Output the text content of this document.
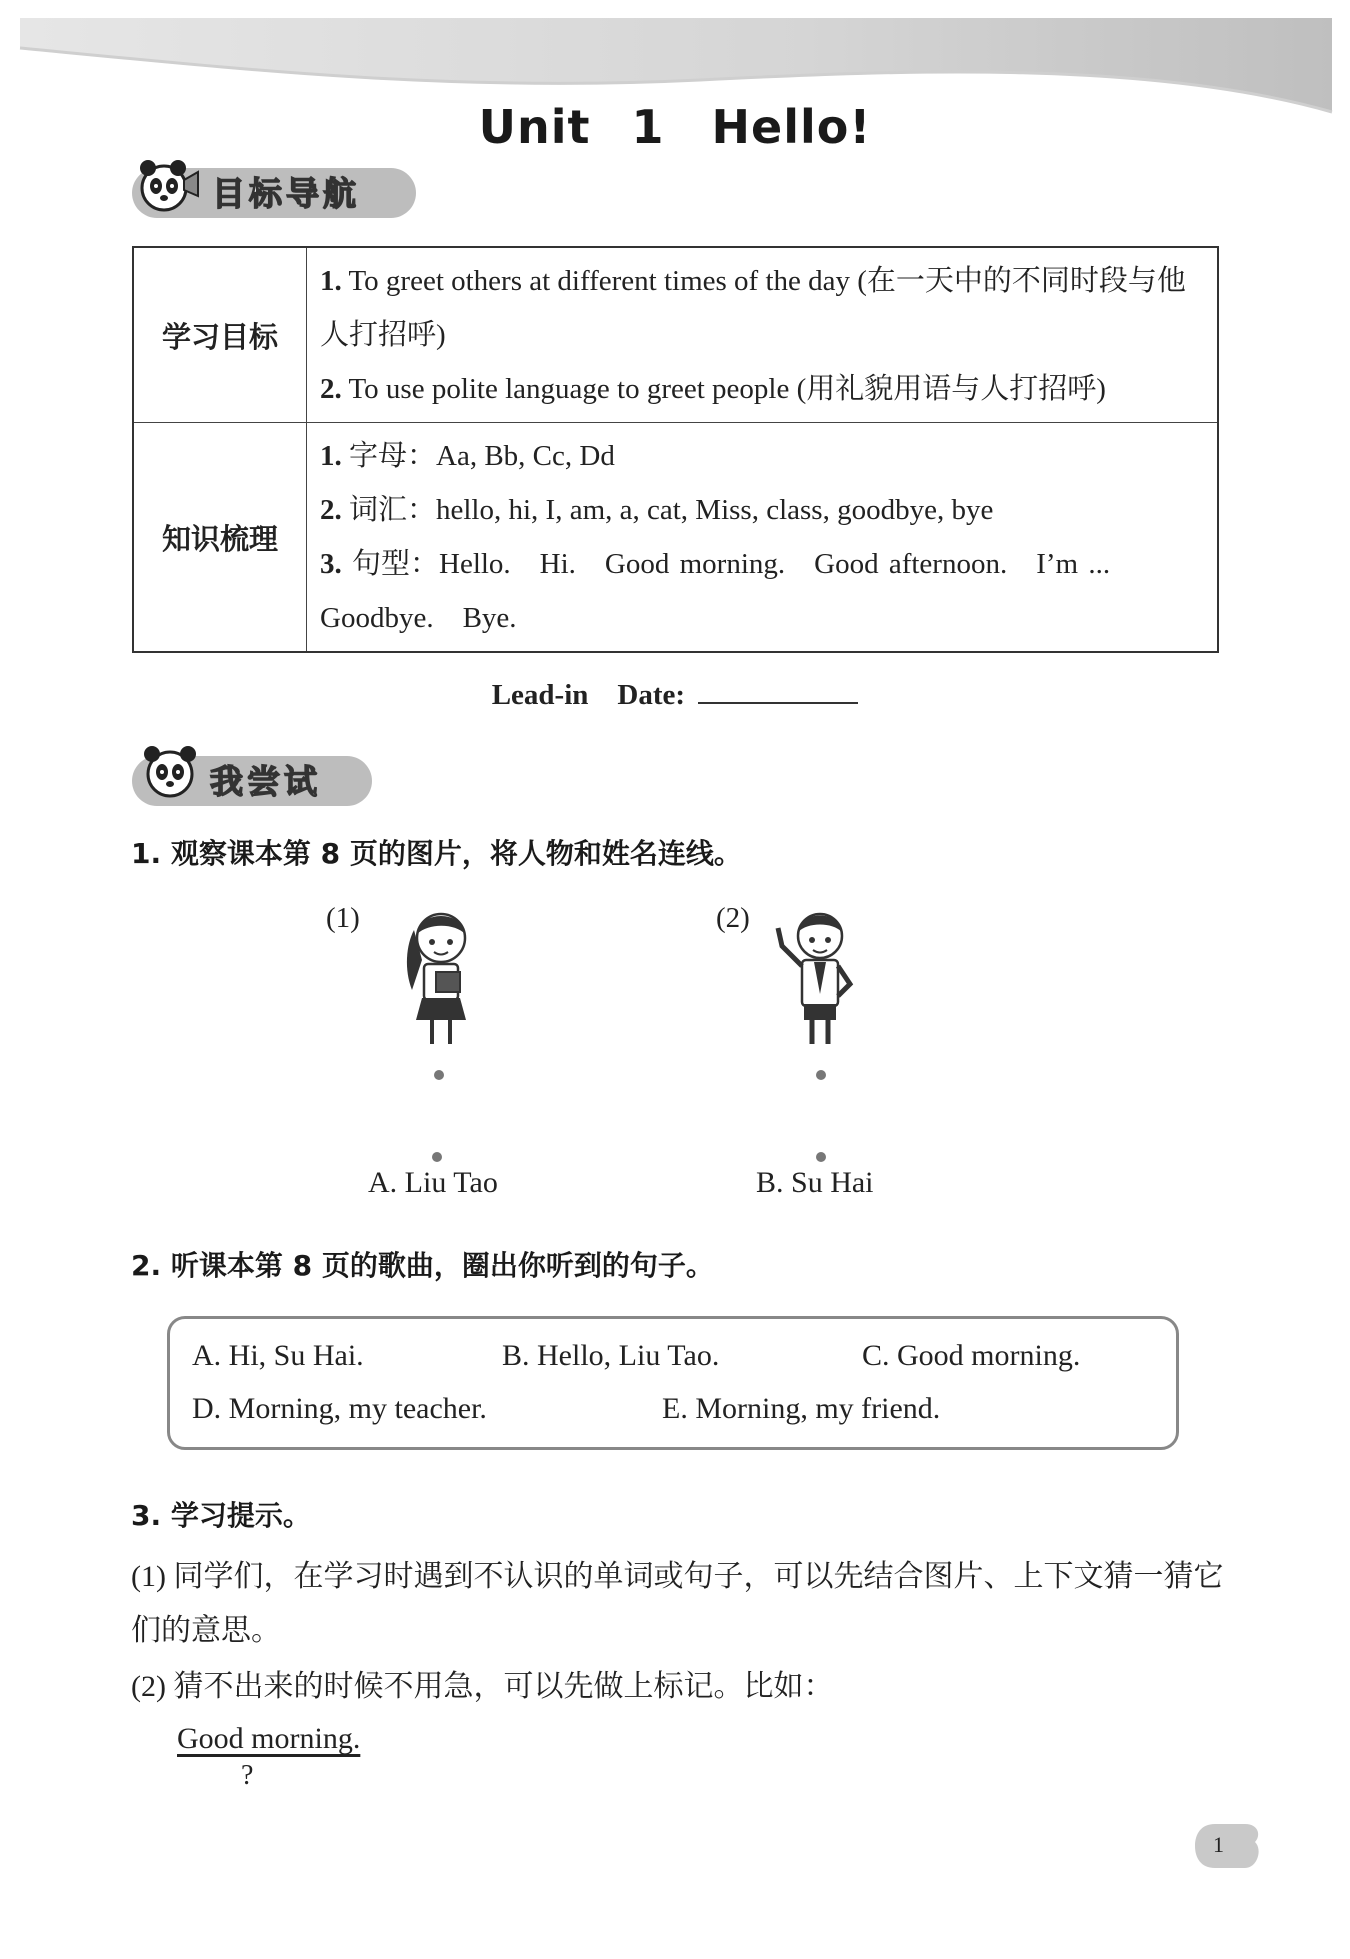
Unit 1 Hello!
目标导航
学习目标	1. To greet others at different times of the day (在一天中的不同时段与他人打招呼)
2. To use polite language to greet people (用礼貌用语与人打招呼)

知识梳理	1. 字母：Aa, Bb, Cc, Dd
2. 词汇：hello, hi, I, am, a, cat, Miss, class, goodbye, bye
3. 句型：Hello. Hi. Good morning. Good afternoon. I’m ... Goodbye. Bye.
Lead-in Date:
我尝试
1. 观察课本第 8 页的图片，将人物和姓名连线。
(1)	(2)
A. Liu Tao	B. Su Hai
2. 听课本第 8 页的歌曲，圈出你听到的句子。
A. Hi, Su Hai.	B. Hello, Liu Tao.	C. Good morning.
D. Morning, my teacher.	E. Morning, my friend.
3. 学习提示。
(1) 同学们，在学习时遇到不认识的单词或句子，可以先结合图片、上下文猜一猜它们的意思。
(2) 猜不出来的时候不用急，可以先做上标记。比如：
Good morning.
?
1
